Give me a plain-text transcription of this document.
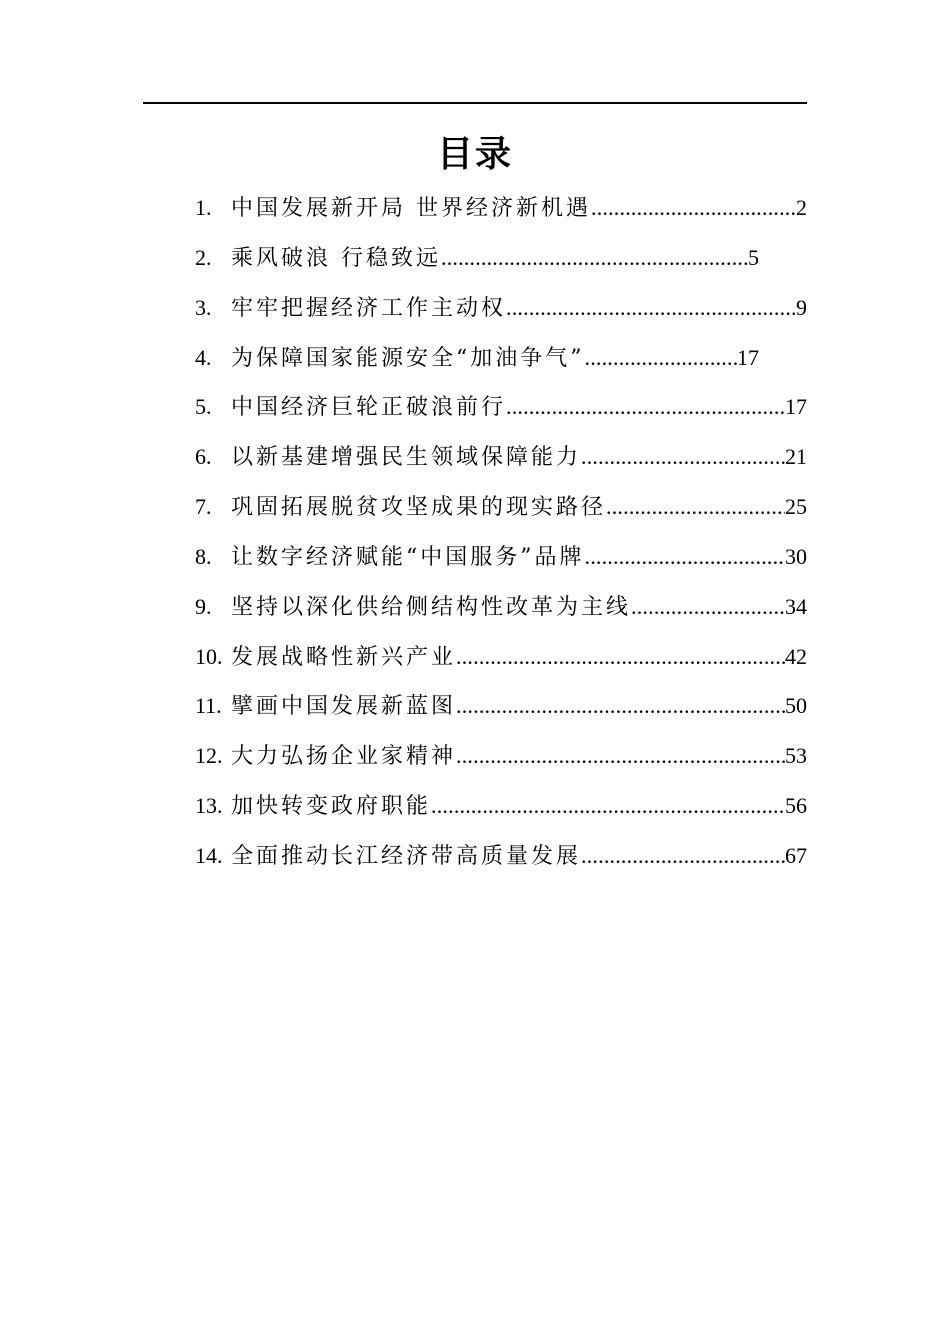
目录
1. 中国发展新开局 世界经济新机遇 .....	2
2. 乘风破浪 行稳致远 .....	5
3. 牢牢把握经济工作主动权 .....	9
4. 为保障国家能源安全“加油争气” .....	17
5. 中国经济巨轮正破浪前行 .....	17
6. 以新基建增强民生领域保障能力 .....	21
7. 巩固拓展脱贫攻坚成果的现实路径 .....	25
8. 让数字经济赋能“中国服务”品牌 .....	30
9. 坚持以深化供给侧结构性改革为主线 .....	34
10. 发展战略性新兴产业 .....	42
11. 擘画中国发展新蓝图 .....	50
12. 大力弘扬企业家精神 .....	53
13. 加快转变政府职能 .....	56
14. 全面推动长江经济带高质量发展 .....	67
